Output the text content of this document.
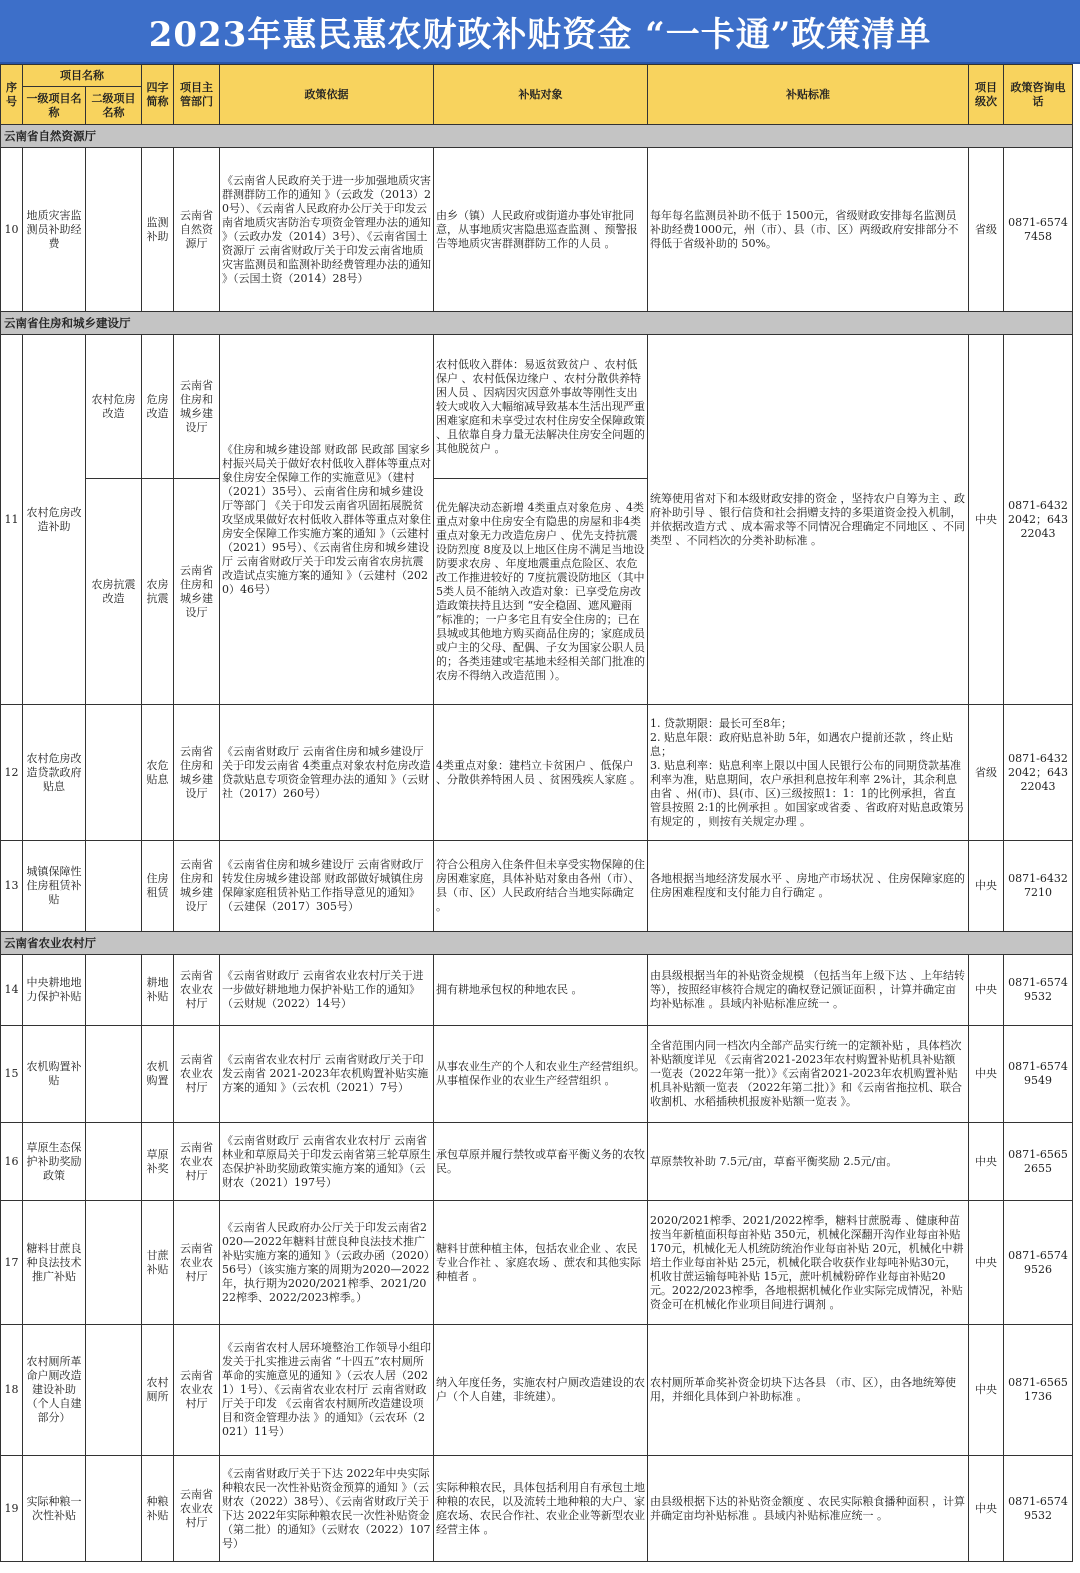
2023年惠民惠农财政补贴资金 “一卡通”政策清单
序号	项目名称		四字简称	项目主管部门	政策依据	补贴对象	补贴标准	项目级次	政策咨询电话
	一级项目名称	二级项目名称							
云南省自然资源厅									
10	地质灾害监测员补助经费		监测补助	云南省自然资源厅	《云南省人民政府关于进一步加强地质灾害群测群防工作的通知 》（云政发（2013）20号）、《云南省人民政府办公厅关于印发云南省地质灾害防治专项资金管理办法的通知 》（云政办发（2014）3号）、《云南省国土资源厅 云南省财政厅关于印发云南省地质灾害监测员和监测补助经费管理办法的通知 》（云国土资（2014）28号）	由乡（镇）人民政府或街道办事处审批同意，从事地质灾害隐患巡查监测 、预警报告等地质灾害群测群防工作的人员 。	每年每名监测员补助不低于 1500元，省级财政安排每名监测员补助经费1000元，州（市）、县（市、区）两级政府安排部分不得低于省级补助的 50%。	省级	0871-65747458
云南省住房和城乡建设厅									
11	农村危房改造补助	农村危房改造	危房改造	云南省住房和城乡建设厅	《住房和城乡建设部 财政部 民政部 国家乡村振兴局关于做好农村低收入群体等重点对象住房安全保障工作的实施意见》（建村（2021）35号）、云南省住房和城乡建设厅等部门 《关于印发云南省巩固拓展脱贫攻坚成果做好农村低收入群体等重点对象住房安全保障工作实施方案的通知 》（云建村（2021）95号）、《云南省住房和城乡建设厅 云南省财政厅关于印发云南省农房抗震改造试点实施方案的通知 》（云建村（2020）46号）	农村低收入群体：易返贫致贫户 、农村低保户 、农村低保边缘户 、农村分散供养特困人员 、因病因灾因意外事故等刚性支出较大或收入大幅缩减导致基本生活出现严重困难家庭和未享受过农村住房安全保障政策 、且依靠自身力量无法解决住房安全问题的其他脱贫户 。	统筹使用省对下和本级财政安排的资金 ，坚持农户自筹为主 、政府补助引导 、银行信贷和社会捐赠支持的多渠道资金投入机制，并依据改造方式 、成本需求等不同情况合理确定不同地区 、不同类型 、不同档次的分类补助标准 。	中央	0871-64322042；64322043
		农房抗震改造	农房抗震	云南省住房和城乡建设厅		优先解决动态新增 4类重点对象危房 、4类重点对象中住房安全有隐患的房屋和非4类重点对象无力改造危房户 、优先支持抗震设防烈度 8度及以上地区住房不满足当地设防要求农房 、年度地震重点危险区、农危改工作推进较好的 7度抗震设防地区（其中5类人员不能纳入改造对象：已享受危房改造政策扶持且达到 “安全稳固、遮风避雨 ”标准的；一户多宅且有安全住房的；已在县城或其他地方购买商品住房的；家庭成员或户主的父母、配偶、子女为国家公职人员的；各类违建或宅基地未经相关部门批准的农房不得纳入改造范围 ）。			
12	农村危房改造贷款政府贴息		农危贴息	云南省住房和城乡建设厅	《云南省财政厅 云南省住房和城乡建设厅关于印发云南省 4类重点对象农村危房改造贷款贴息专项资金管理办法的通知 》（云财社（2017）260号）	4类重点对象：建档立卡贫困户 、低保户 、分散供养特困人员 、贫困残疾人家庭 。	1. 贷款期限：最长可至8年；
2. 贴息年限：政府贴息补助 5年，如遇农户提前还款 ，终止贴息；
3. 贴息利率：贴息利率上限以中国人民银行公布的同期贷款基准利率为准，贴息期间，农户承担利息按年利率 2%计，其余利息由省 、州(市)、县(市、区)三级按照1：1：1的比例承担，省直管县按照 2:1的比例承担 。如国家或省委 、省政府对贴息政策另有规定的 ，则按有关规定办理 。	省级	0871-64322042；64322043
13	城镇保障性住房租赁补贴		住房租赁	云南省住房和城乡建设厅	《云南省住房和城乡建设厅 云南省财政厅转发住房城乡建设部 财政部做好城镇住房保障家庭租赁补贴工作指导意见的通知》（云建保（2017）305号）	符合公租房入住条件但未享受实物保障的住房困难家庭，具体补贴对象由各州（市）、县（市、区）人民政府结合当地实际确定 。	各地根据当地经济发展水平 、房地产市场状况 、住房保障家庭的住房困难程度和支付能力自行确定 。	中央	0871-64327210
云南省农业农村厅									
14	中央耕地地力保护补贴		耕地补贴	云南省农业农村厅	《云南省财政厅 云南省农业农村厅关于进一步做好耕地地力保护补贴工作的通知》（云财规（2022）14号）	拥有耕地承包权的种地农民 。	由县级根据当年的补贴资金规模 （包括当年上级下达 、上年结转等），按照经审核符合规定的确权登记颁证面积 ，计算并确定亩均补贴标准 。县域内补贴标准应统一 。	中央	0871-65749532
15	农机购置补贴		农机购置	云南省农业农村厅	《云南省农业农村厅 云南省财政厅关于印发云南省 2021-2023年农机购置补贴实施方案的通知 》（云农机（2021）7号）	从事农业生产的个人和农业生产经营组织。从事植保作业的农业生产经营组织 。	全省范围内同一档次内全部产品实行统一的定额补贴 ，具体档次补贴额度详见 《云南省2021-2023年农村购置补贴机具补贴额一览表（2022年第一批）》《云南省2021-2023年农机购置补贴机具补贴额一览表 （2022年第二批）》和《云南省拖拉机、联合收割机、水稻插秧机报废补贴额一览表 》。	中央	0871-65749549
16	草原生态保护补助奖励政策		草原补奖	云南省农业农村厅	《云南省财政厅 云南省农业农村厅 云南省林业和草原局关于印发云南省第三轮草原生态保护补助奖励政策实施方案的通知》（云财农（2021）197号）	承包草原并履行禁牧或草畜平衡义务的农牧民。	草原禁牧补助 7.5元/亩，草畜平衡奖励 2.5元/亩。	中央	0871-65652655
17	糖料甘蔗良种良法技术推广补贴		甘蔗补贴	云南省农业农村厅	《云南省人民政府办公厅关于印发云南省2020—2022年糖料甘蔗良种良法技术推广补贴实施方案的通知 》（云政办函（2020）56号）（该实施方案的周期为2020—2022年，执行期为2020/2021榨季、2021/2022榨季、2022/2023榨季。）	糖料甘蔗种植主体，包括农业企业 、农民专业合作社 、家庭农场 、蔗农和其他实际种植者 。	2020/2021榨季、2021/2022榨季，糖料甘蔗脱毒 、健康种苗按当年新植面积每亩补贴 350元，机械化深翻开沟作业每亩补贴170元，机械化无人机统防统治作业每亩补贴 20元，机械化中耕培土作业每亩补贴 25元，机械化联合收获作业每吨补贴30元，机收甘蔗运输每吨补贴 15元，蔗叶机械粉碎作业每亩补贴20元。2022/2023榨季，各地根据机械化作业实际完成情况，补贴资金可在机械化作业项目间进行调剂 。	中央	0871-65749526
18	农村厕所革命户厕改造建设补助（个人自建部分）		农村厕所	云南省农业农村厅	《云南省农村人居环境整治工作领导小组印发关于扎实推进云南省 “十四五”农村厕所革命的实施意见的通知 》（云农人居（2021）1号）、《云南省农业农村厅 云南省财政厅关于印发 《云南省农村厕所改造建设项目和资金管理办法 》的通知》（云农环（2021）11号）	纳入年度任务，实施农村户厕改造建设的农户（个人自建，非统建）。	农村厕所革命奖补资金切块下达各县 （市、区），由各地统筹使用，并细化具体到户补助标准 。	中央	0871-65651736
19	实际种粮一次性补贴		种粮补贴	云南省农业农村厅	《云南省财政厅关于下达 2022年中央实际种粮农民一次性补贴资金预算的通知 》（云财农（2022）38号）、《云南省财政厅关于下达 2022年实际种粮农民一次性补贴资金（第二批）的通知》（云财农（2022）107号）	实际种粮农民，具体包括利用自有承包土地种粮的农民，以及流转土地种粮的大户、家庭农场、农民合作社、农业企业等新型农业经营主体 。	由县级根据下达的补贴资金额度 、农民实际粮食播种面积 ，计算并确定亩均补贴标准 。县域内补贴标准应统一 。	中央	0871-65749532
